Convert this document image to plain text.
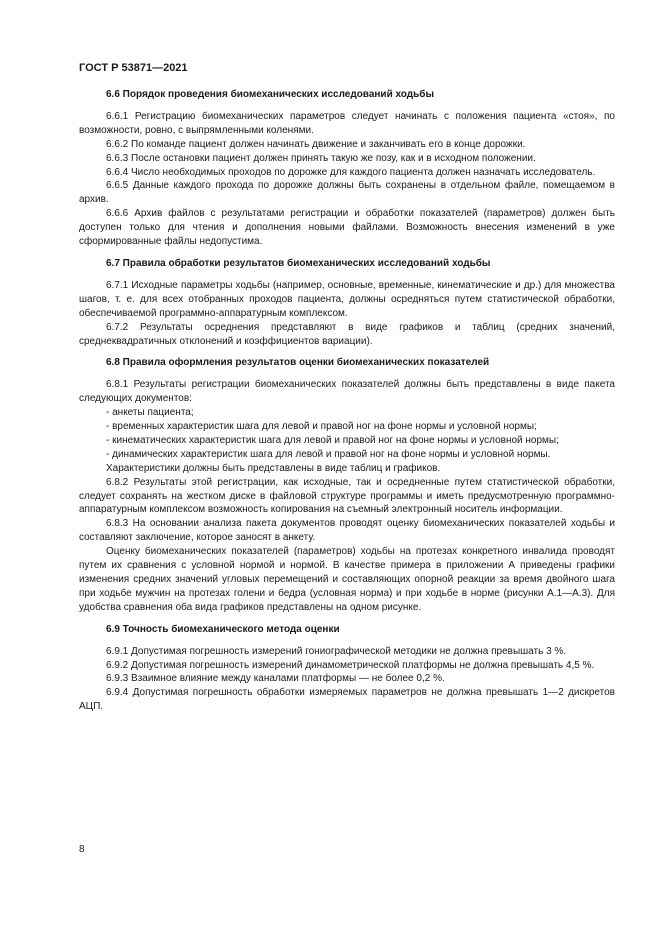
ГОСТ Р 53871—2021
6.6 Порядок проведения биомеханических исследований ходьбы

6.6.1 Регистрацию биомеханических параметров следует начинать с положения пациента «стоя», по возможности, ровно, с выпрямленными коленями.

6.6.2 По команде пациент должен начинать движение и заканчивать его в конце дорожки.

6.6.3 После остановки пациент должен принять такую же позу, как и в исходном положении.

6.6.4 Число необходимых проходов по дорожке для каждого пациента должен назначать исследователь.

6.6.5 Данные каждого прохода по дорожке должны быть сохранены в отдельном файле, помещаемом в архив.

6.6.6 Архив файлов с результатами регистрации и обработки показателей (параметров) должен быть доступен только для чтения и дополнения новыми файлами. Возможность внесения изменений в уже сформированные файлы недопустима.

6.7 Правила обработки результатов биомеханических исследований ходьбы

6.7.1 Исходные параметры ходьбы (например, основные, временные, кинематические и др.) для множества шагов, т. е. для всех отобранных проходов пациента, должны осредняться путем статистической обработки, обеспечиваемой программно-аппаратурным комплексом.

6.7.2 Результаты осреднения представляют в виде графиков и таблиц (средних значений, среднеквадратичных отклонений и коэффициентов вариации).

6.8 Правила оформления результатов оценки биомеханических показателей

6.8.1 Результаты регистрации биомеханических показателей должны быть представлены в виде пакета следующих документов:

- анкеты пациента;
- временных характеристик шага для левой и правой ног на фоне нормы и условной нормы;
- кинематических характеристик шага для левой и правой ног на фоне нормы и условной нормы;
- динамических характеристик шага для левой и правой ног на фоне нормы и условной нормы.

Характеристики должны быть представлены в виде таблиц и графиков.

6.8.2 Результаты этой регистрации, как исходные, так и осредненные путем статистической обработки, следует сохранять на жестком диске в файловой структуре программы и иметь предусмотренную программно-аппаратурным комплексом возможность копирования на съемный электронный носитель информации.

6.8.3 На основании анализа пакета документов проводят оценку биомеханических показателей ходьбы и составляют заключение, которое заносят в анкету.

Оценку биомеханических показателей (параметров) ходьбы на протезах конкретного инвалида проводят путем их сравнения с условной нормой и нормой. В качестве примера в приложении А приведены графики изменения средних значений угловых перемещений и составляющих опорной реакции за время двойного шага при ходьбе мужчин на протезах голени и бедра (условная норма) и при ходьбе в норме (рисунки А.1—А.3). Для удобства сравнения оба вида графиков представлены на одном рисунке.

6.9 Точность биомеханического метода оценки

6.9.1 Допустимая погрешность измерений гониографической методики не должна превышать 3 %.

6.9.2 Допустимая погрешность измерений динамометрической платформы не должна превышать 4,5 %.

6.9.3 Взаимное влияние между каналами платформы — не более 0,2 %.

6.9.4 Допустимая погрешность обработки измеряемых параметров не должна превышать 1—2 дискретов АЦП.

8
